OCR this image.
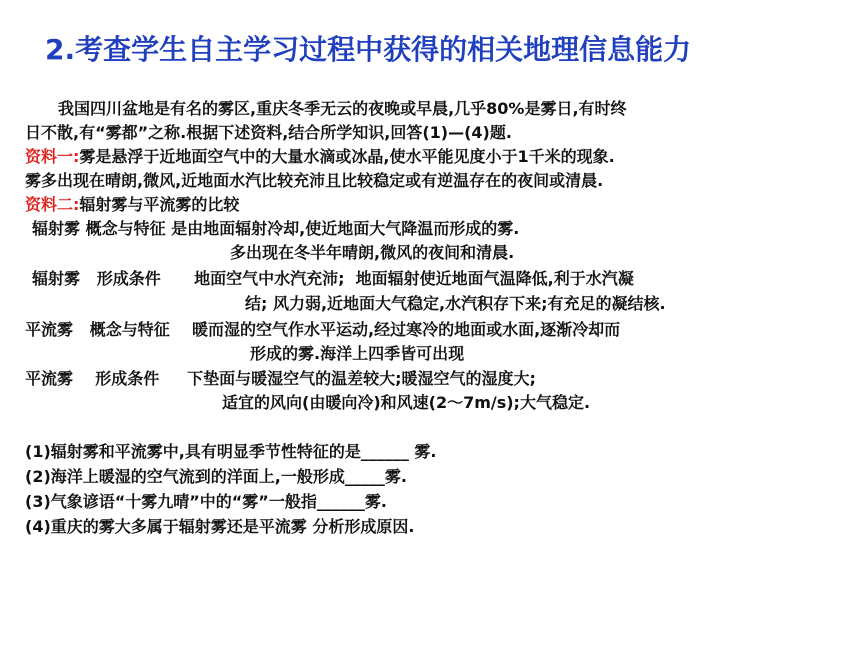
2.考查学生自主学习过程中获得的相关地理信息能力
我国四川盆地是有名的雾区,重庆冬季无云的夜晚或早晨,几乎80%是雾日,有时终
日不散,有“雾都”之称.根据下述资料,结合所学知识,回答(1)—(4)题.
资料一:雾是悬浮于近地面空气中的大量水滴或冰晶,使水平能见度小于1千米的现象.
雾多出现在晴朗,微风,近地面水汽比较充沛且比较稳定或有逆温存在的夜间或清晨.
资料二:辐射雾与平流雾的比较
辐射雾 概念与特征 是由地面辐射冷却,使近地面大气降温而形成的雾.
多出现在冬半年晴朗,微风的夜间和清晨.
辐射雾   形成条件      地面空气中水汽充沛;  地面辐射使近地面气温降低,利于水汽凝
结; 风力弱,近地面大气稳定,水汽积存下来;有充足的凝结核.
平流雾   概念与特征    暖而湿的空气作水平运动,经过寒冷的地面或水面,逐渐冷却而
形成的雾.海洋上四季皆可出现
平流雾    形成条件     下垫面与暖湿空气的温差较大;暖湿空气的湿度大;
适宜的风向(由暖向冷)和风速(2～7m/s);大气稳定.
(1)辐射雾和平流雾中,具有明显季节性特征的是______ 雾.
(2)海洋上暖湿的空气流到的洋面上,一般形成_____雾.
(3)气象谚语“十雾九晴”中的“雾”一般指______雾.
(4)重庆的雾大多属于辐射雾还是平流雾 分析形成原因.
